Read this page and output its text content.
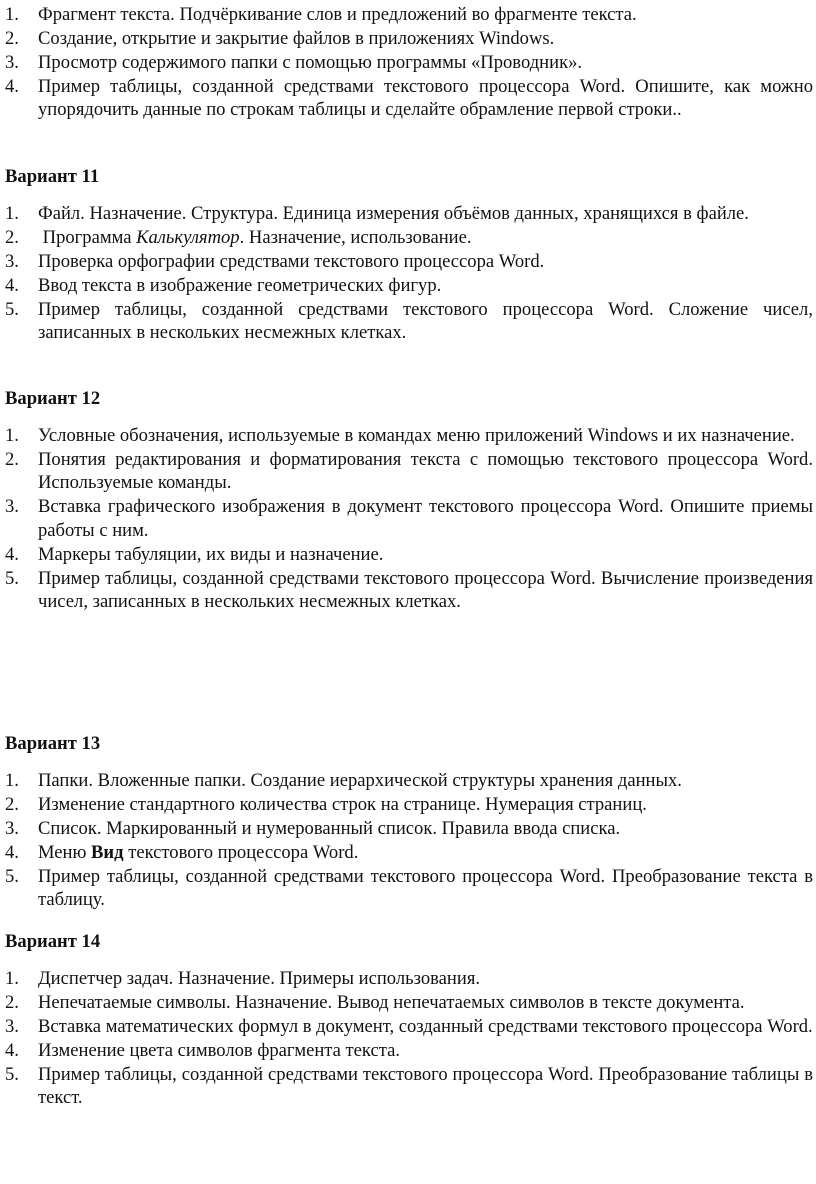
1 . Фрагмент текста. Подчёркивание слов и предложений во фрагменте текста.
2 . Создание, открытие и закрытие файлов в приложениях Windows.
3 . Просмотр содержимого папки с помощью программы «Проводник».
4 . Пример таблицы, созданной средствами текстового процессора Word. Опишите, как можно упорядочить данные по строкам таблицы и сделайте обрамление первой строки..
Вариант 11
1 . Файл. Назначение. Структура. Единица измерения объёмов данных, хранящихся в файле.
2 . Программа Калькулятор. Назначение, использование.
3 . Проверка орфографии средствами текстового процессора Word.
4 . Ввод текста в изображение геометрических фигур.
5 . Пример таблицы, созданной средствами текстового процессора Word. Сложение чисел, записанных в нескольких несмежных клетках.
Вариант 12
1 . Условные обозначения, используемые в командах меню приложений Windows и их назначение.
2 . Понятия редактирования и форматирования текста с помощью текстового процессора Word. Используемые команды.
3 . Вставка графического изображения в документ текстового процессора Word. Опишите приемы работы с ним.
4 . Маркеры табуляции, их виды и назначение.
5 . Пример таблицы, созданной средствами текстового процессора Word. Вычисление произведения чисел, записанных в нескольких несмежных клетках.
Вариант 13
1 . Папки. Вложенные папки. Создание иерархической структуры хранения данных.
2 . Изменение стандартного количества строк на странице. Нумерация страниц.
3 . Список. Маркированный и нумерованный список. Правила ввода списка.
4 . Меню Вид текстового процессора Word.
5 . Пример таблицы, созданной средствами текстового процессора Word. Преобразование текста в таблицу.
Вариант 14
1 . Диспетчер задач. Назначение. Примеры использования.
2 . Непечатаемые символы. Назначение. Вывод непечатаемых символов в тексте документа.
3 . Вставка математических формул в документ, созданный средствами текстового процессора Word.
4 . Изменение цвета символов фрагмента текста.
5 . Пример таблицы, созданной средствами текстового процессора Word. Преобразование таблицы в текст.
